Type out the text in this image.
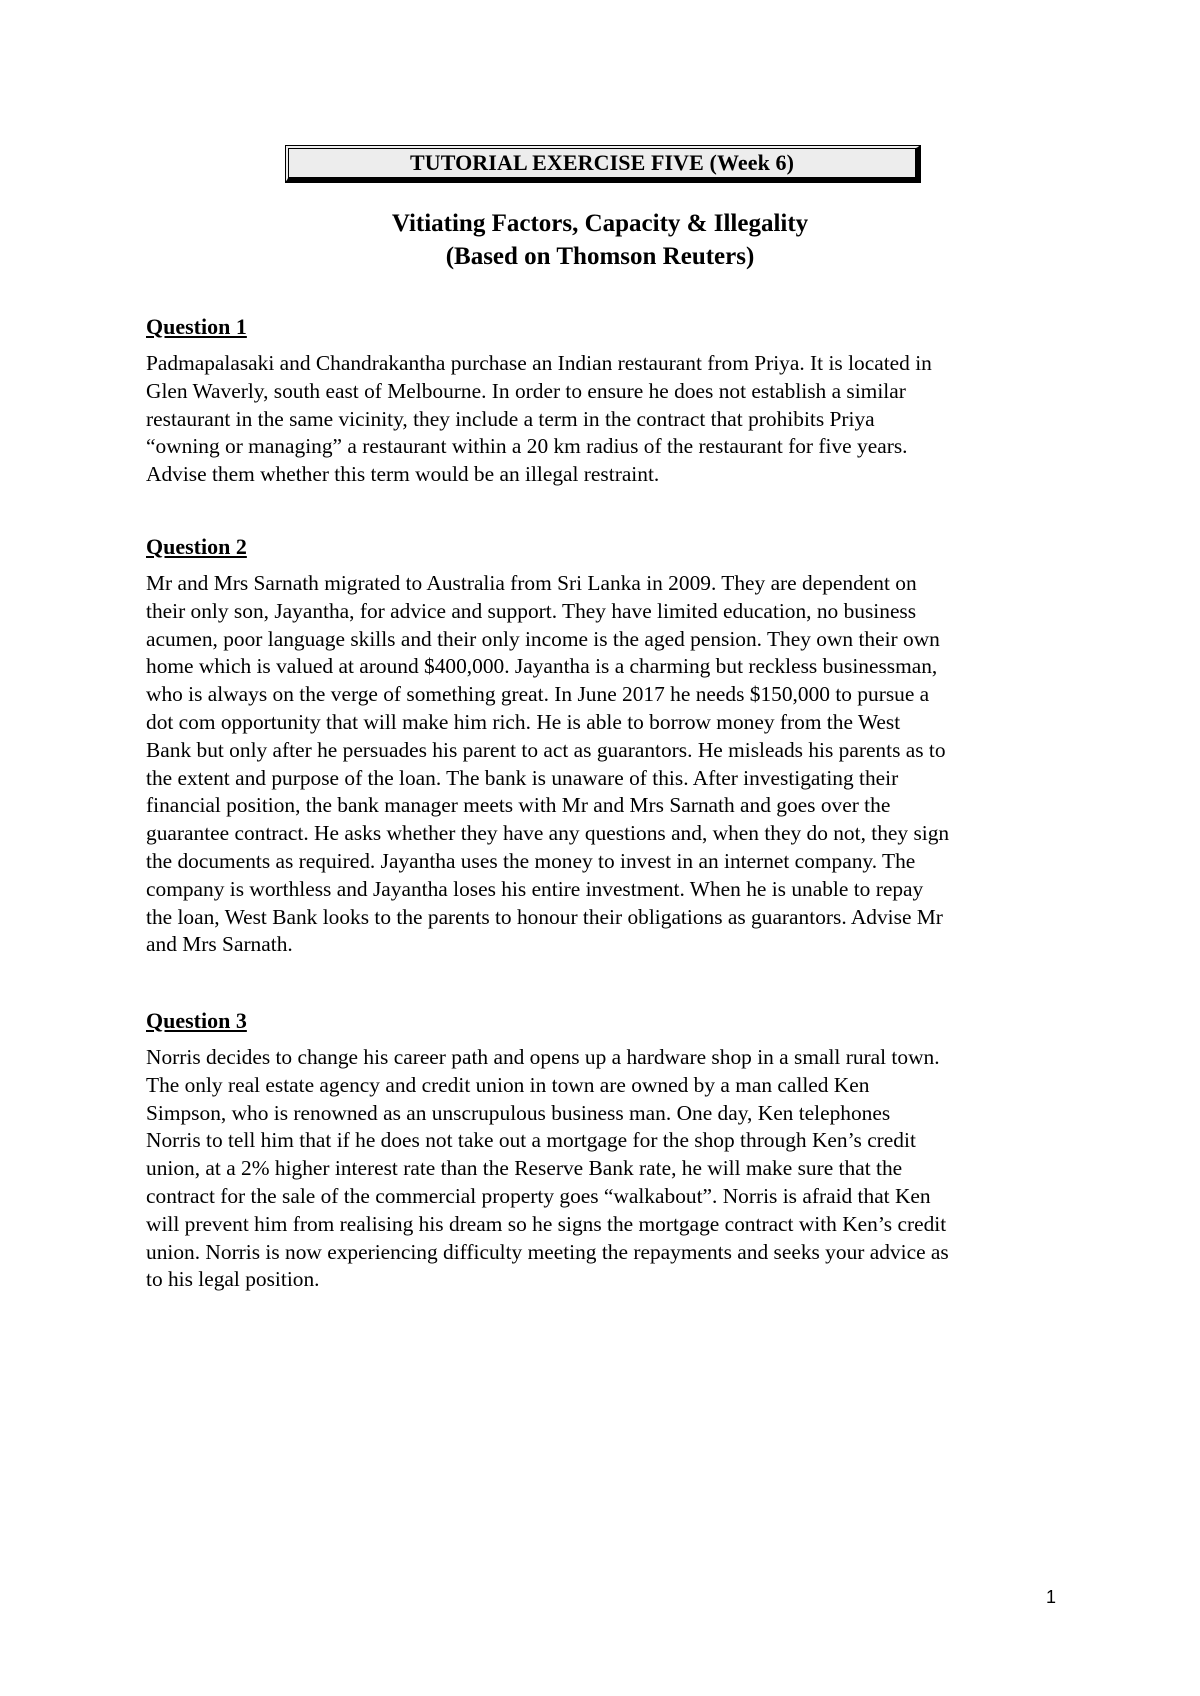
TUTORIAL EXERCISE FIVE (Week 6)
Vitiating Factors, Capacity & Illegality
(Based on Thomson Reuters)
Question 1

Padmapalasaki and Chandrakantha purchase an Indian restaurant from Priya. It is located in
Glen Waverly, south east of Melbourne. In order to ensure he does not establish a similar
restaurant in the same vicinity, they include a term in the contract that prohibits Priya
“owning or managing” a restaurant within a 20 km radius of the restaurant for five years.
Advise them whether this term would be an illegal restraint.

Question 2

Mr and Mrs Sarnath migrated to Australia from Sri Lanka in 2009. They are dependent on
their only son, Jayantha, for advice and support. They have limited education, no business
acumen, poor language skills and their only income is the aged pension. They own their own
home which is valued at around $400,000. Jayantha is a charming but reckless businessman,
who is always on the verge of something great. In June 2017 he needs $150,000 to pursue a
dot com opportunity that will make him rich. He is able to borrow money from the West
Bank but only after he persuades his parent to act as guarantors. He misleads his parents as to
the extent and purpose of the loan. The bank is unaware of this. After investigating their
financial position, the bank manager meets with Mr and Mrs Sarnath and goes over the
guarantee contract. He asks whether they have any questions and, when they do not, they sign
the documents as required. Jayantha uses the money to invest in an internet company. The
company is worthless and Jayantha loses his entire investment. When he is unable to repay
the loan, West Bank looks to the parents to honour their obligations as guarantors. Advise Mr
and Mrs Sarnath.

Question 3

Norris decides to change his career path and opens up a hardware shop in a small rural town.
The only real estate agency and credit union in town are owned by a man called Ken
Simpson, who is renowned as an unscrupulous business man. One day, Ken telephones
Norris to tell him that if he does not take out a mortgage for the shop through Ken’s credit
union, at a 2% higher interest rate than the Reserve Bank rate, he will make sure that the
contract for the sale of the commercial property goes “walkabout”. Norris is afraid that Ken
will prevent him from realising his dream so he signs the mortgage contract with Ken’s credit
union. Norris is now experiencing difficulty meeting the repayments and seeks your advice as
to his legal position.

1
